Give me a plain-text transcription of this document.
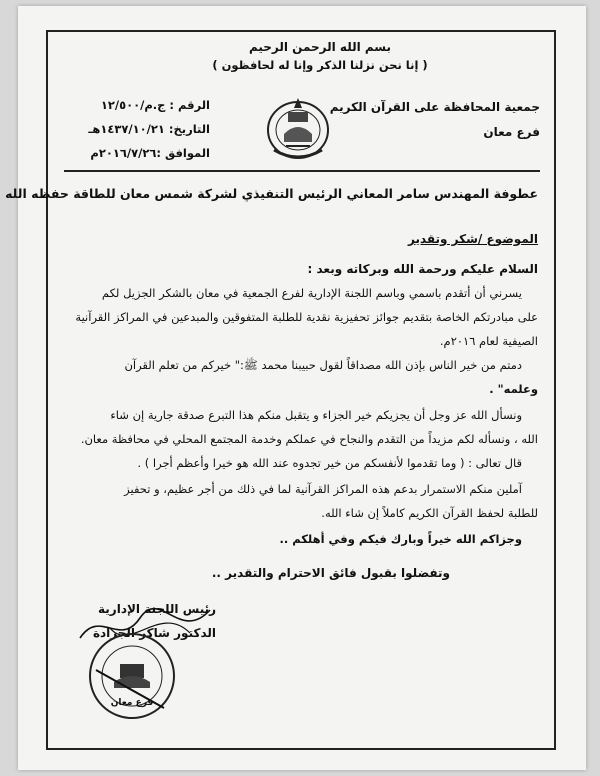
بسم الله الرحمن الرحيم
( إنا نحن نزلنا الذكر وإنا له لحافظون )
جمعية المحافظة على القرآن الكريم
فرع معان
الرقم : ج.م/١٢/٥٠٠
التاريخ: ١٤٣٧/١٠/٢١هـ
الموافق :٢٠١٦/٧/٢٦م
عطوفة المهندس سامر المعاني الرئيس التنفيذي لشركة شمس معان للطاقة حفظه الله
الموضوع /شكر وتقدير
السلام عليكم ورحمة الله وبركاته وبعد :
يسرني أن أتقدم باسمي وباسم اللجنة الإدارية لفرع الجمعية في معان بالشكر الجزيل لكم
على مبادرتكم الخاصة بتقديم جوائز تحفيزية نقدية للطلبة المتفوقين والمبدعين في المراكز القرآنية
الصيفية لعام ٢٠١٦م.
دمتم من خير الناس بإذن الله مصداقاً لقول حبيبنا محمد ﷺ:" خيركم من تعلم القرآن
وعلمه" .
ونسأل الله عز وجل أن يجزيكم خير الجزاء و يتقبل منكم هذا التبرع صدقة جارية إن شاء
الله ، ونسأله لكم مزيداً من التقدم والنجاح في عملكم وخدمة المجتمع المحلي في محافظة معان.
قال تعالى : ( وما تقدموا لأنفسكم من خير تجدوه عند الله هو خيرا وأعظم أجرا ) .
آملين منكم الاستمرار بدعم هذه المراكز القرآنية لما في ذلك من أجر عظيم، و تحفيز
للطلبة لحفظ القرآن الكريم كاملاً إن شاء الله.
وجزاكم الله خيراً وبارك فيكم وفي أهلكم ..
وتفضلوا بقبول فائق الاحترام والتقدير ..
رئيس اللجنة الإدارية
الدكتور شاكر الجرادة
فرع معان
